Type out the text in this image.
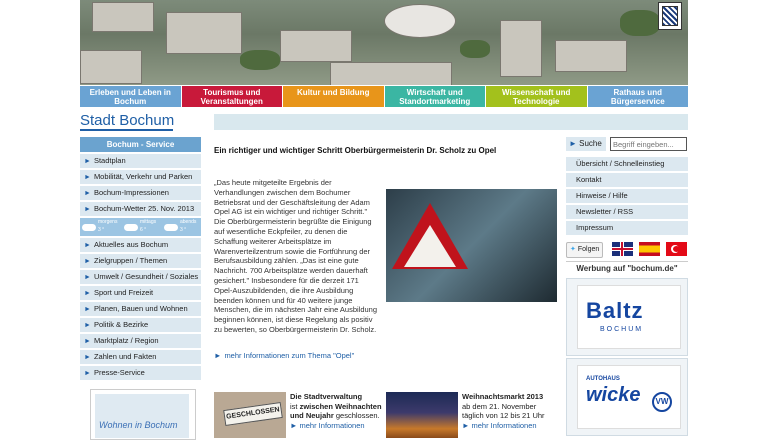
Erleben und Leben in Bochum
Tourismus und Veranstaltungen
Kultur und Bildung	Wirtschaft und Standortmarketing
Wissenschaft und Technologie
Rathaus und Bürgerservice
Stadt Bochum
Bochum - Service
► Stadtplan
► Mobilität, Verkehr und Parken
► Bochum-Impressionen
► Bochum-Wetter 25. Nov. 2013
morgens	mittags	abends
3 °	6 °	3 °
► Aktuelles aus Bochum
► Zielgruppen / Themen
► Umwelt / Gesundheit / Soziales
► Sport und Freizeit
► Planen, Bauen und Wohnen
► Politik & Bezirke
► Marktplatz / Region
► Zahlen und Fakten
► Presse-Service
Wohnen in Bochum
Ein richtiger und wichtiger Schritt Oberbürgermeisterin Dr. Scholz zu Opel
„Das heute mitgeteilte Ergebnis der Verhandlungen zwischen dem Bochumer Betriebsrat und der Geschäftsleitung der Adam Opel AG ist ein wichtiger und richtiger Schritt." Die Oberbürgermeisterin begrüßte die Einigung auf wesentliche Eckpfeiler, zu denen die Schaffung weiterer Arbeitsplätze im Warenverteilzentrum sowie die Fortführung der Berufsausbildung zählen. „Das ist eine gute Nachricht. 700 Arbeitsplätze werden dauerhaft gesichert." Insbesondere für die derzeit 171 Opel-Auszubildenden, die ihre Ausbildung beenden können und für 40 weitere junge Menschen, die im nächsten Jahr eine Ausbildung beginnen können, ist diese Regelung als positiv zu bewerten, so Oberbürgermeisterin Dr. Scholz.
► mehr Informationen zum Thema "Opel"
GESCHLOSSEN
Die Stadtverwaltung
ist zwischen Weihnachten und Neujahr geschlossen.
► mehr Informationen
Weihnachtsmarkt 2013
ab dem 21. November täglich von 12 bis 21 Uhr
► mehr Informationen
► Suche
Begriff eingeben...
Übersicht / Schnelleinstieg
Kontakt
Hinweise / Hilfe
Newsletter / RSS
Impressum
✦ Folgen
Werbung auf "bochum.de"
Baltz
BOCHUM
AUTOHAUS
wicke	VW
